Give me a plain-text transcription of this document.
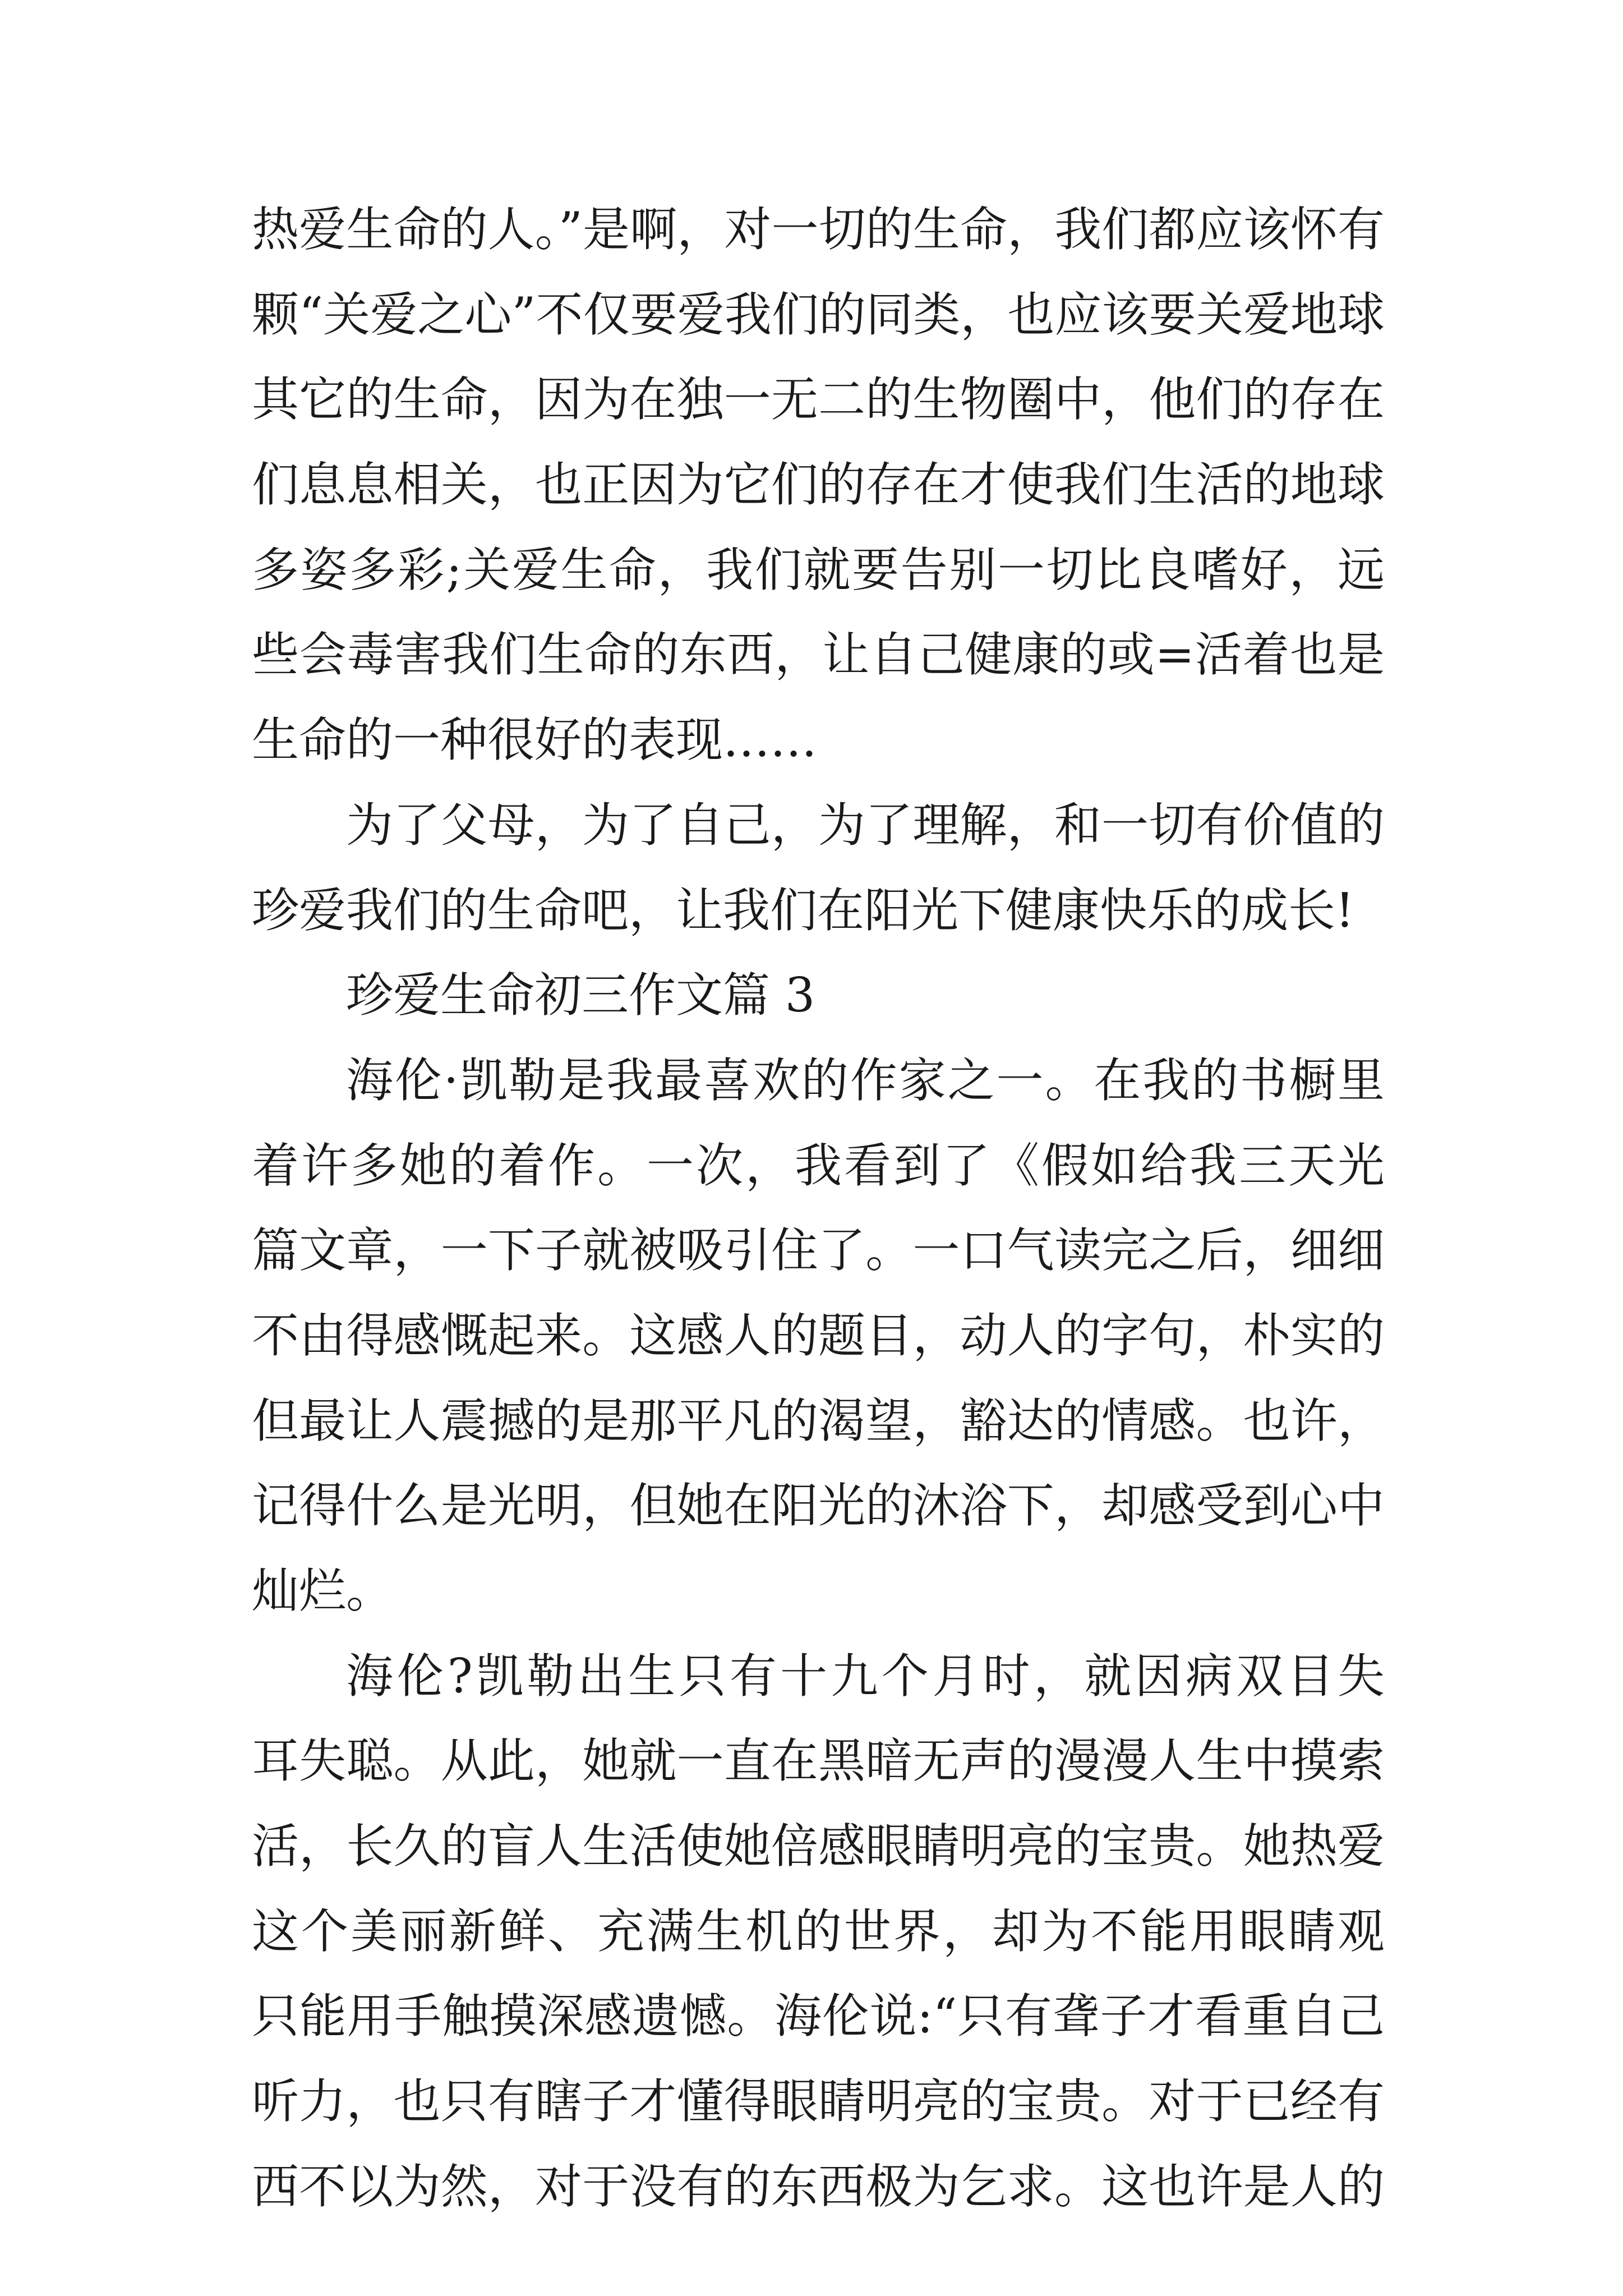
热爱生命的人。”是啊，对一切的生命，我们都应该怀有
颗“关爱之心”不仅要爱我们的同类，也应该要关爱地球
其它的生命，因为在独一无二的生物圈中，他们的存在
们息息相关，也正因为它们的存在才使我们生活的地球
多姿多彩;关爱生命，我们就要告别一切比良嗜好，远
些会毒害我们生命的东西，让自己健康的或=活着也是
生命的一种很好的表现……
为了父母，为了自己，为了理解，和一切有价值的
珍爱我们的生命吧，让我们在阳光下健康快乐的成长!
珍爱生命初三作文篇 3
海伦·凯勒是我最喜欢的作家之一。在我的书橱里
着许多她的着作。一次，我看到了《假如给我三天光
篇文章，一下子就被吸引住了。一口气读完之后，细细
不由得感慨起来。这感人的题目，动人的字句，朴实的
但最让人震撼的是那平凡的渴望，豁达的情感。也许，
记得什么是光明，但她在阳光的沐浴下，却感受到心中
灿烂。
海伦?凯勒出生只有十九个月时，就因病双目失
耳失聪。从此，她就一直在黑暗无声的漫漫人生中摸索
活，长久的盲人生活使她倍感眼睛明亮的宝贵。她热爱
这个美丽新鲜、充满生机的世界，却为不能用眼睛观
只能用手触摸深感遗憾。海伦说:“只有聋子才看重自己
听力，也只有瞎子才懂得眼睛明亮的宝贵。对于已经有
西不以为然，对于没有的东西极为乞求。这也许是人的
